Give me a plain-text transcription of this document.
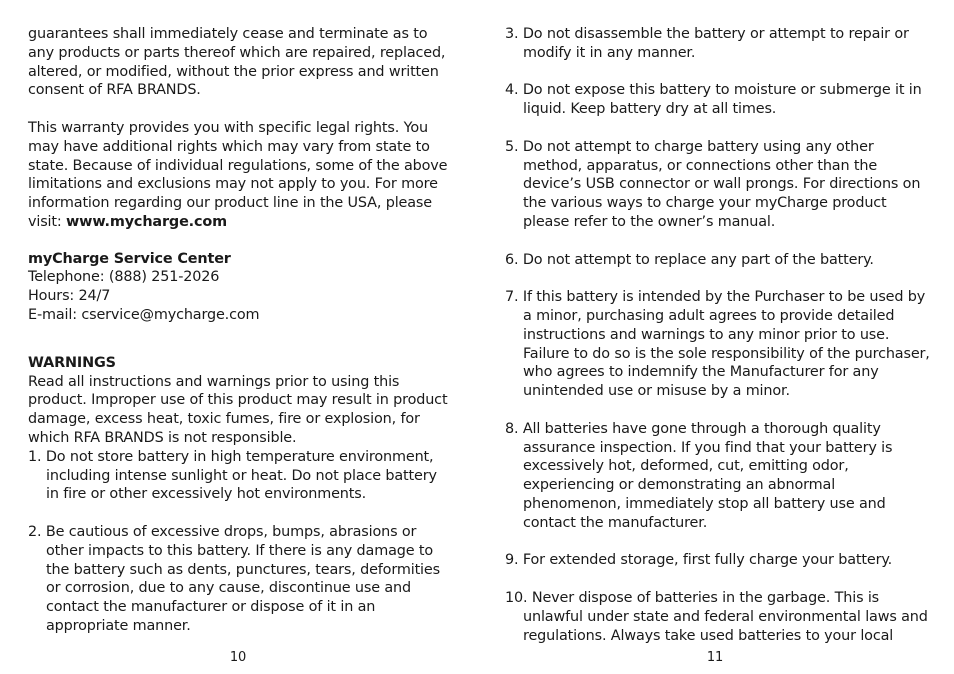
guarantees shall immediately cease and terminate as to any products or parts thereof which are repaired, replaced, altered, or modified, without the prior express and written consent of RFA BRANDS.

This warranty provides you with specific legal rights. You may have additional rights which may vary from state to state. Because of individual regulations, some of the above limitations and exclusions may not apply to you. For more information regarding our product line in the USA, please visit: www.mycharge.com

myCharge Service Center

Telephone: (888) 251-2026

Hours: 24/7

E-mail: cservice@mycharge.com

WARNINGS

Read all instructions and warnings prior to using this product. Improper use of this product may result in product damage, excess heat, toxic fumes, fire or explosion, for which RFA BRANDS is not responsible.

1. Do not store battery in high temperature environment, including intense sunlight or heat. Do not place battery in fire or other excessively hot environments.

2. Be cautious of excessive drops, bumps, abrasions or other impacts to this battery. If there is any damage to the battery such as dents, punctures, tears, deformities or corrosion, due to any cause, discontinue use and contact the manufacturer or dispose of it in an appropriate manner.

10

3. Do not disassemble the battery or attempt to repair or modify it in any manner.

4. Do not expose this battery to moisture or submerge it in liquid. Keep battery dry at all times.

5. Do not attempt to charge battery using any other method, apparatus, or connections other than the device’s USB connector or wall prongs. For directions on the various ways to charge your myCharge product please refer to the owner’s manual.

6. Do not attempt to replace any part of the battery.

7. If this battery is intended by the Purchaser to be used by a minor, purchasing adult agrees to provide detailed instructions and warnings to any minor prior to use. Failure to do so is the sole responsibility of the purchaser, who agrees to indemnify the Manufacturer for any unintended use or misuse by a minor.

8. All batteries have gone through a thorough quality assurance inspection. If you find that your battery is excessively hot, deformed, cut, emitting odor, experiencing or demonstrating an abnormal phenomenon, immediately stop all battery use and contact the manufacturer.

9. For extended storage, first fully charge your battery.

10. Never dispose of batteries in the garbage. This is unlawful under state and federal environmental laws and regulations. Always take used batteries to your local

11
